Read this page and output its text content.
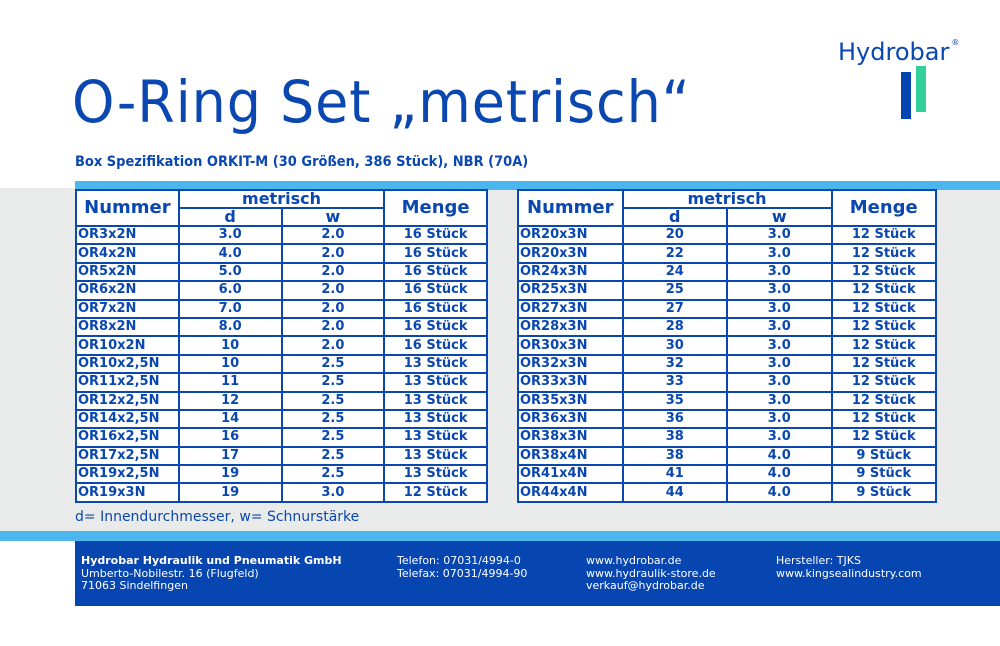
Hydrobar ®
O-Ring Set „metrisch“
Box Spezifikation ORKIT-M (30 Größen, 386 Stück), NBR (70A)
Nummer	metrisch		Menge
	d	w	
OR3x2N	3.0	2.0	16 Stück
OR4x2N	4.0	2.0	16 Stück
OR5x2N	5.0	2.0	16 Stück
OR6x2N	6.0	2.0	16 Stück
OR7x2N	7.0	2.0	16 Stück
OR8x2N	8.0	2.0	16 Stück
OR10x2N	10	2.0	16 Stück
OR10x2,5N	10	2.5	13 Stück
OR11x2,5N	11	2.5	13 Stück
OR12x2,5N	12	2.5	13 Stück
OR14x2,5N	14	2.5	13 Stück
OR16x2,5N	16	2.5	13 Stück
OR17x2,5N	17	2.5	13 Stück
OR19x2,5N	19	2.5	13 Stück
OR19x3N	19	3.0	12 Stück
Nummer	metrisch		Menge
	d	w	
OR20x3N	20	3.0	12 Stück
OR20x3N	22	3.0	12 Stück
OR24x3N	24	3.0	12 Stück
OR25x3N	25	3.0	12 Stück
OR27x3N	27	3.0	12 Stück
OR28x3N	28	3.0	12 Stück
OR30x3N	30	3.0	12 Stück
OR32x3N	32	3.0	12 Stück
OR33x3N	33	3.0	12 Stück
OR35x3N	35	3.0	12 Stück
OR36x3N	36	3.0	12 Stück
OR38x3N	38	3.0	12 Stück
OR38x4N	38	4.0	9 Stück
OR41x4N	41	4.0	9 Stück
OR44x4N	44	4.0	9 Stück
d= Innendurchmesser, w= Schnurstärke
Hydrobar Hydraulik und Pneumatik GmbH
Umberto-Nobilestr. 16 (Flugfeld)
71063 Sindelfingen
Telefon: 07031/4994-0
Telefax: 07031/4994-90
www.hydrobar.de
www.hydraulik-store.de
verkauf@hydrobar.de
Hersteller: TJKS
www.kingsealindustry.com
